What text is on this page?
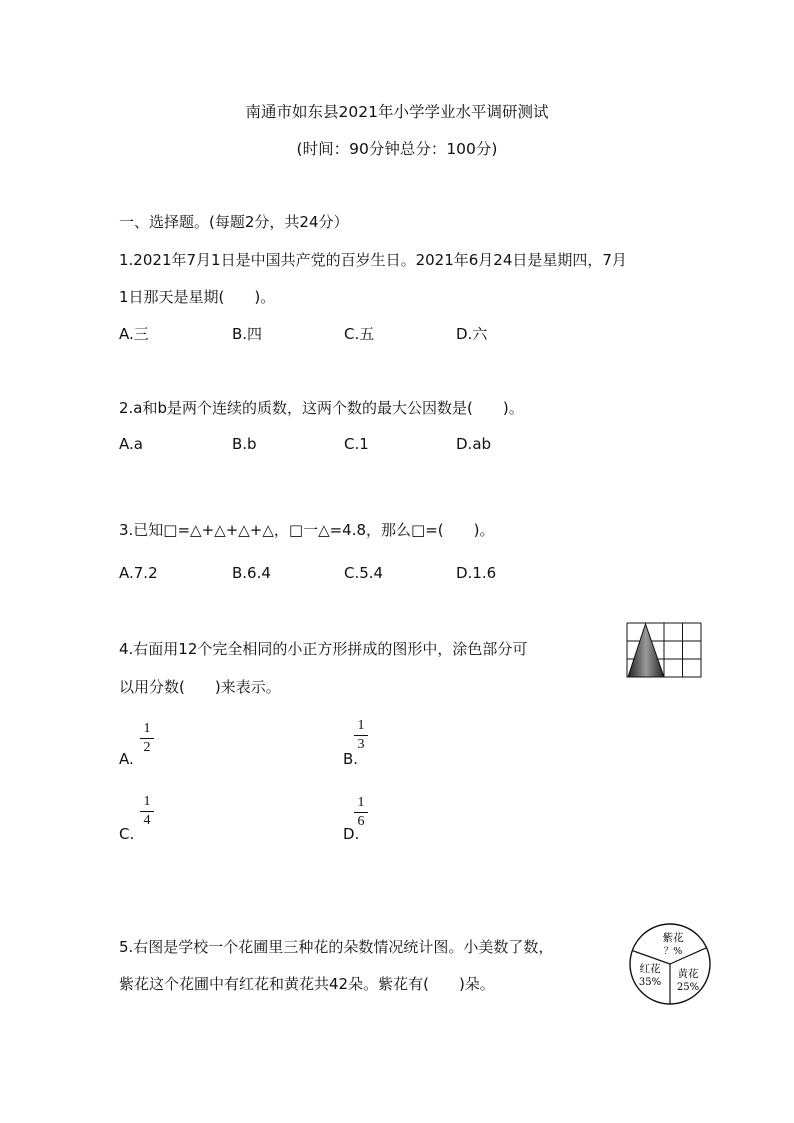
南通市如东县2021年小学学业水平调研测试
(时间：90分钟总分：100分)
一、选择题。(每题2分，共24分）
1.2021年7月1日是中国共产党的百岁生日。2021年6月24日是星期四，7月
1日那天是星期(　　)。
A.三	B.四	C.五	D.六
2.a和b是两个连续的质数，这两个数的最大公因数是(　　)。
A.a	B.b	C.1	D.ab
3.已知□=△+△+△+△，□一△=4.8，那么□=(　　)。
A.7.2	B.6.4	C.5.4	D.1.6
4.右面用12个完全相同的小正方形拼成的图形中，涂色部分可
以用分数(　　)来表示。
A.
1
2
B.
1
3
C.
1
4
D.
1
6
5.右图是学校一个花圃里三种花的朵数情况统计图。小美数了数，
紫花这个花圃中有红花和黄花共42朵。紫花有(　　)朵。
紫花
？%
红花
35%
黄花
25%
